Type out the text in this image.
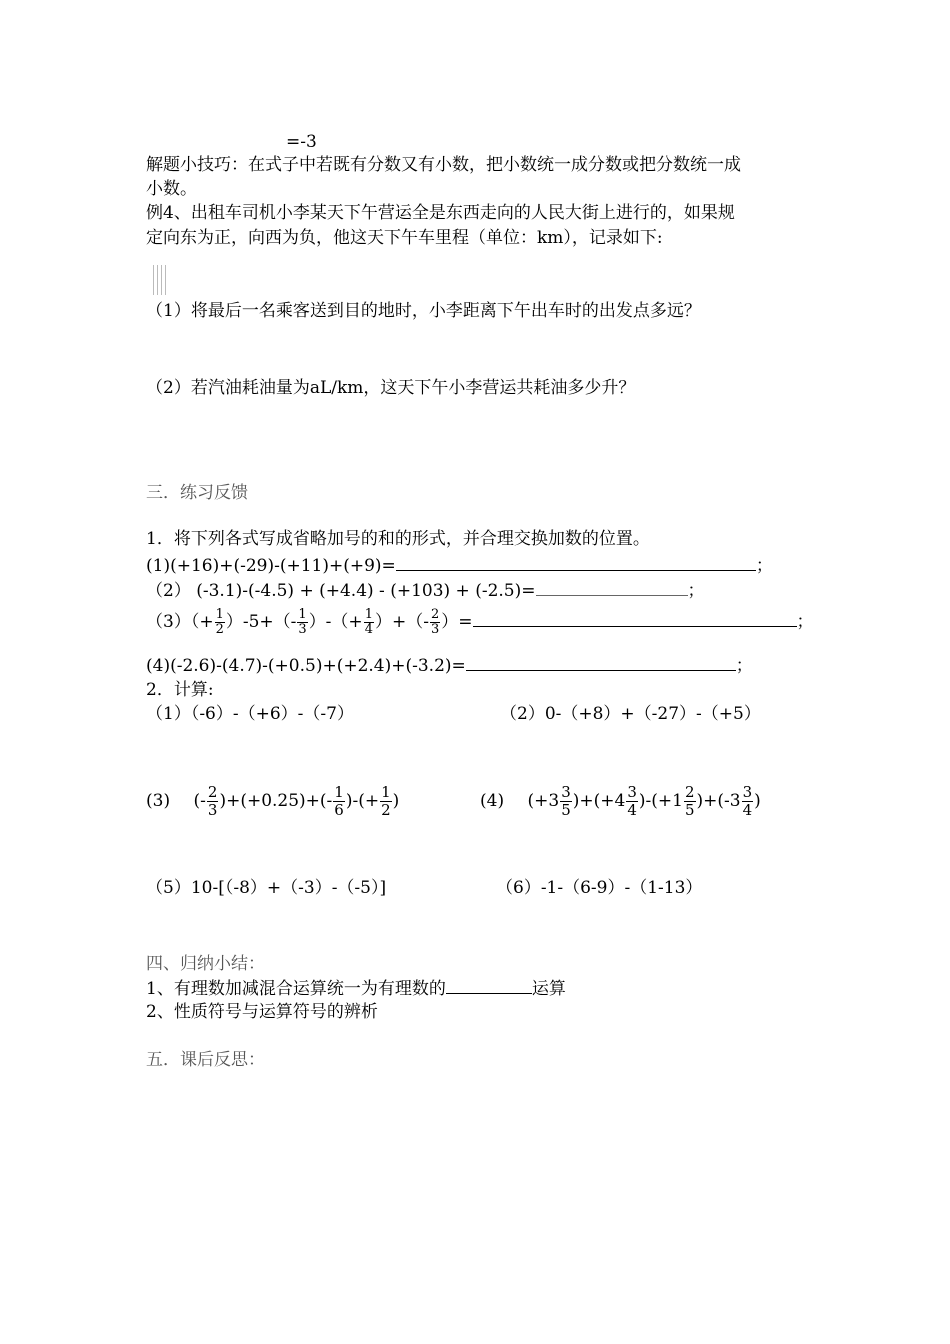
=-3
解题小技巧：在式子中若既有分数又有小数，把小数统一成分数或把分数统一成
小数。
例4、出租车司机小李某天下午营运全是东西走向的人民大街上进行的，如果规
定向东为正，向西为负，他这天下午车里程（单位：km），记录如下:
（1）将最后一名乘客送到目的地时，小李距离下午出车时的出发点多远？
（2）若汽油耗油量为aL/km，这天下午小李营运共耗油多少升？
三．练习反馈
1．将下列各式写成省略加号的和的形式，并合理交换加数的位置。
(1)(+16)+(-29)-(+11)+(+9)=	；
（2） (-3.1)-(-4.5) + (+4.4) - (+103) + (-2.5)=	；
$(3)(+ \frac{1}{2} )-5+(- \frac{1}{3}$ ）-（+ $\frac{1}{4}$ ）+（- $\frac{2}{3}$ ）=	；
(4)(-2.6)-(4.7)-(+0.5)+(+2.4)+(-3.2)=	；
2．计算:
（1）（-6）-（+6）-（-7）	（2）0-（+8）+（-27）-（+5）
(3) (- $\frac{2}{3} )+(+0.25)+(- \frac{1}{6}$ )-(+ $\frac{1}{2}$ )	(4) $(+3 \frac{3}{5} )+(+4 \frac{3}{4} )-(+1 \frac{2}{5} )+(-3 \frac{3}{4}$ )
（5）10-[（-8）+（-3）-（-5）]	（6）-1-（6-9）-（1-13）
四、归纳小结：
1、有理数加减混合运算统一为有理数的	运算
2、性质符号与运算符号的辨析
五．课后反思：
